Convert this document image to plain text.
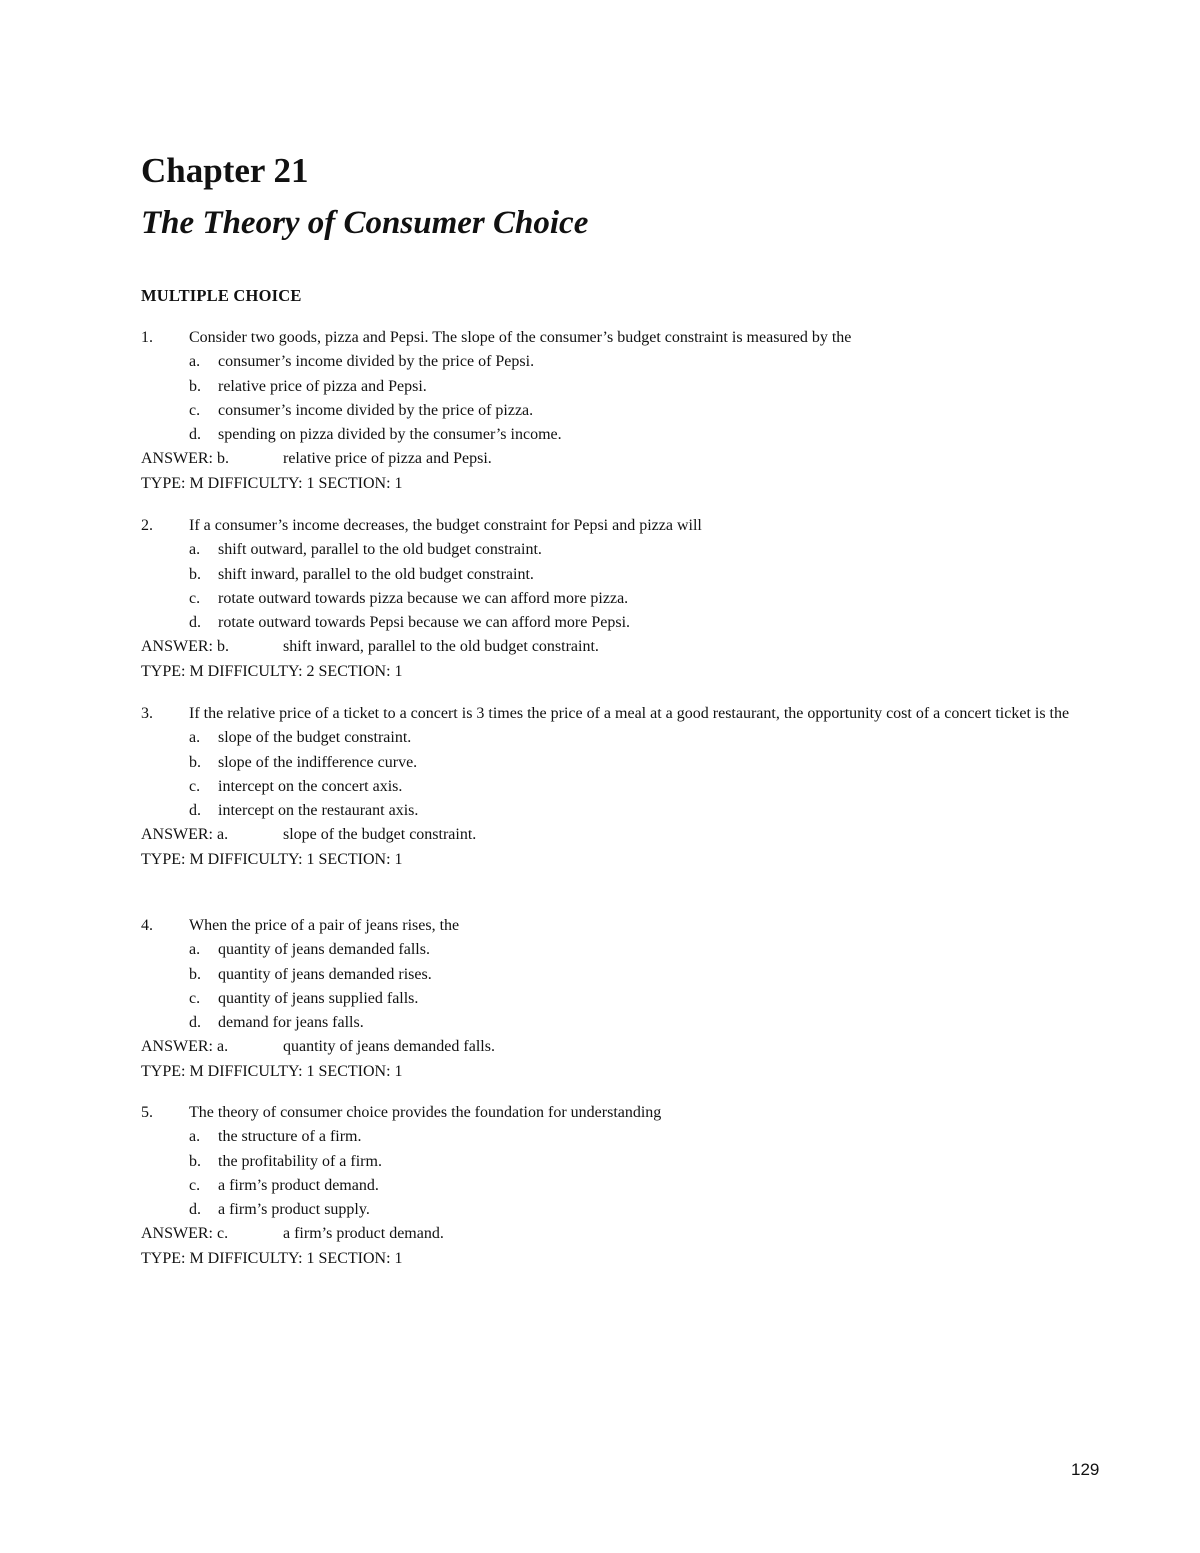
Chapter 21
The Theory of Consumer Choice
MULTIPLE CHOICE
1.	Consider two goods, pizza and Pepsi. The slope of the consumer’s budget constraint is measured by the
a.	consumer’s income divided by the price of Pepsi.
b.	relative price of pizza and Pepsi.
c.	consumer’s income divided by the price of pizza.
d.	spending on pizza divided by the consumer’s income.
ANSWER: b.	relative price of pizza and Pepsi.
TYPE: M DIFFICULTY: 1 SECTION: 1
2.	If a consumer’s income decreases, the budget constraint for Pepsi and pizza will
a.	shift outward, parallel to the old budget constraint.
b.	shift inward, parallel to the old budget constraint.
c.	rotate outward towards pizza because we can afford more pizza.
d.	rotate outward towards Pepsi because we can afford more Pepsi.
ANSWER: b.	shift inward, parallel to the old budget constraint.
TYPE: M DIFFICULTY: 2 SECTION: 1
3.	If the relative price of a ticket to a concert is 3 times the price of a meal at a good restaurant, the opportunity cost of a concert ticket is the
a.	slope of the budget constraint.
b.	slope of the indifference curve.
c.	intercept on the concert axis.
d.	intercept on the restaurant axis.
ANSWER: a.	slope of the budget constraint.
TYPE: M DIFFICULTY: 1 SECTION: 1
4.	When the price of a pair of jeans rises, the
a.	quantity of jeans demanded falls.
b.	quantity of jeans demanded rises.
c.	quantity of jeans supplied falls.
d.	demand for jeans falls.
ANSWER: a.	quantity of jeans demanded falls.
TYPE: M DIFFICULTY: 1 SECTION: 1
5.	The theory of consumer choice provides the foundation for understanding
a.	the structure of a firm.
b.	the profitability of a firm.
c.	a firm’s product demand.
d.	a firm’s product supply.
ANSWER: c.	a firm’s product demand.
TYPE: M DIFFICULTY: 1 SECTION: 1
129
